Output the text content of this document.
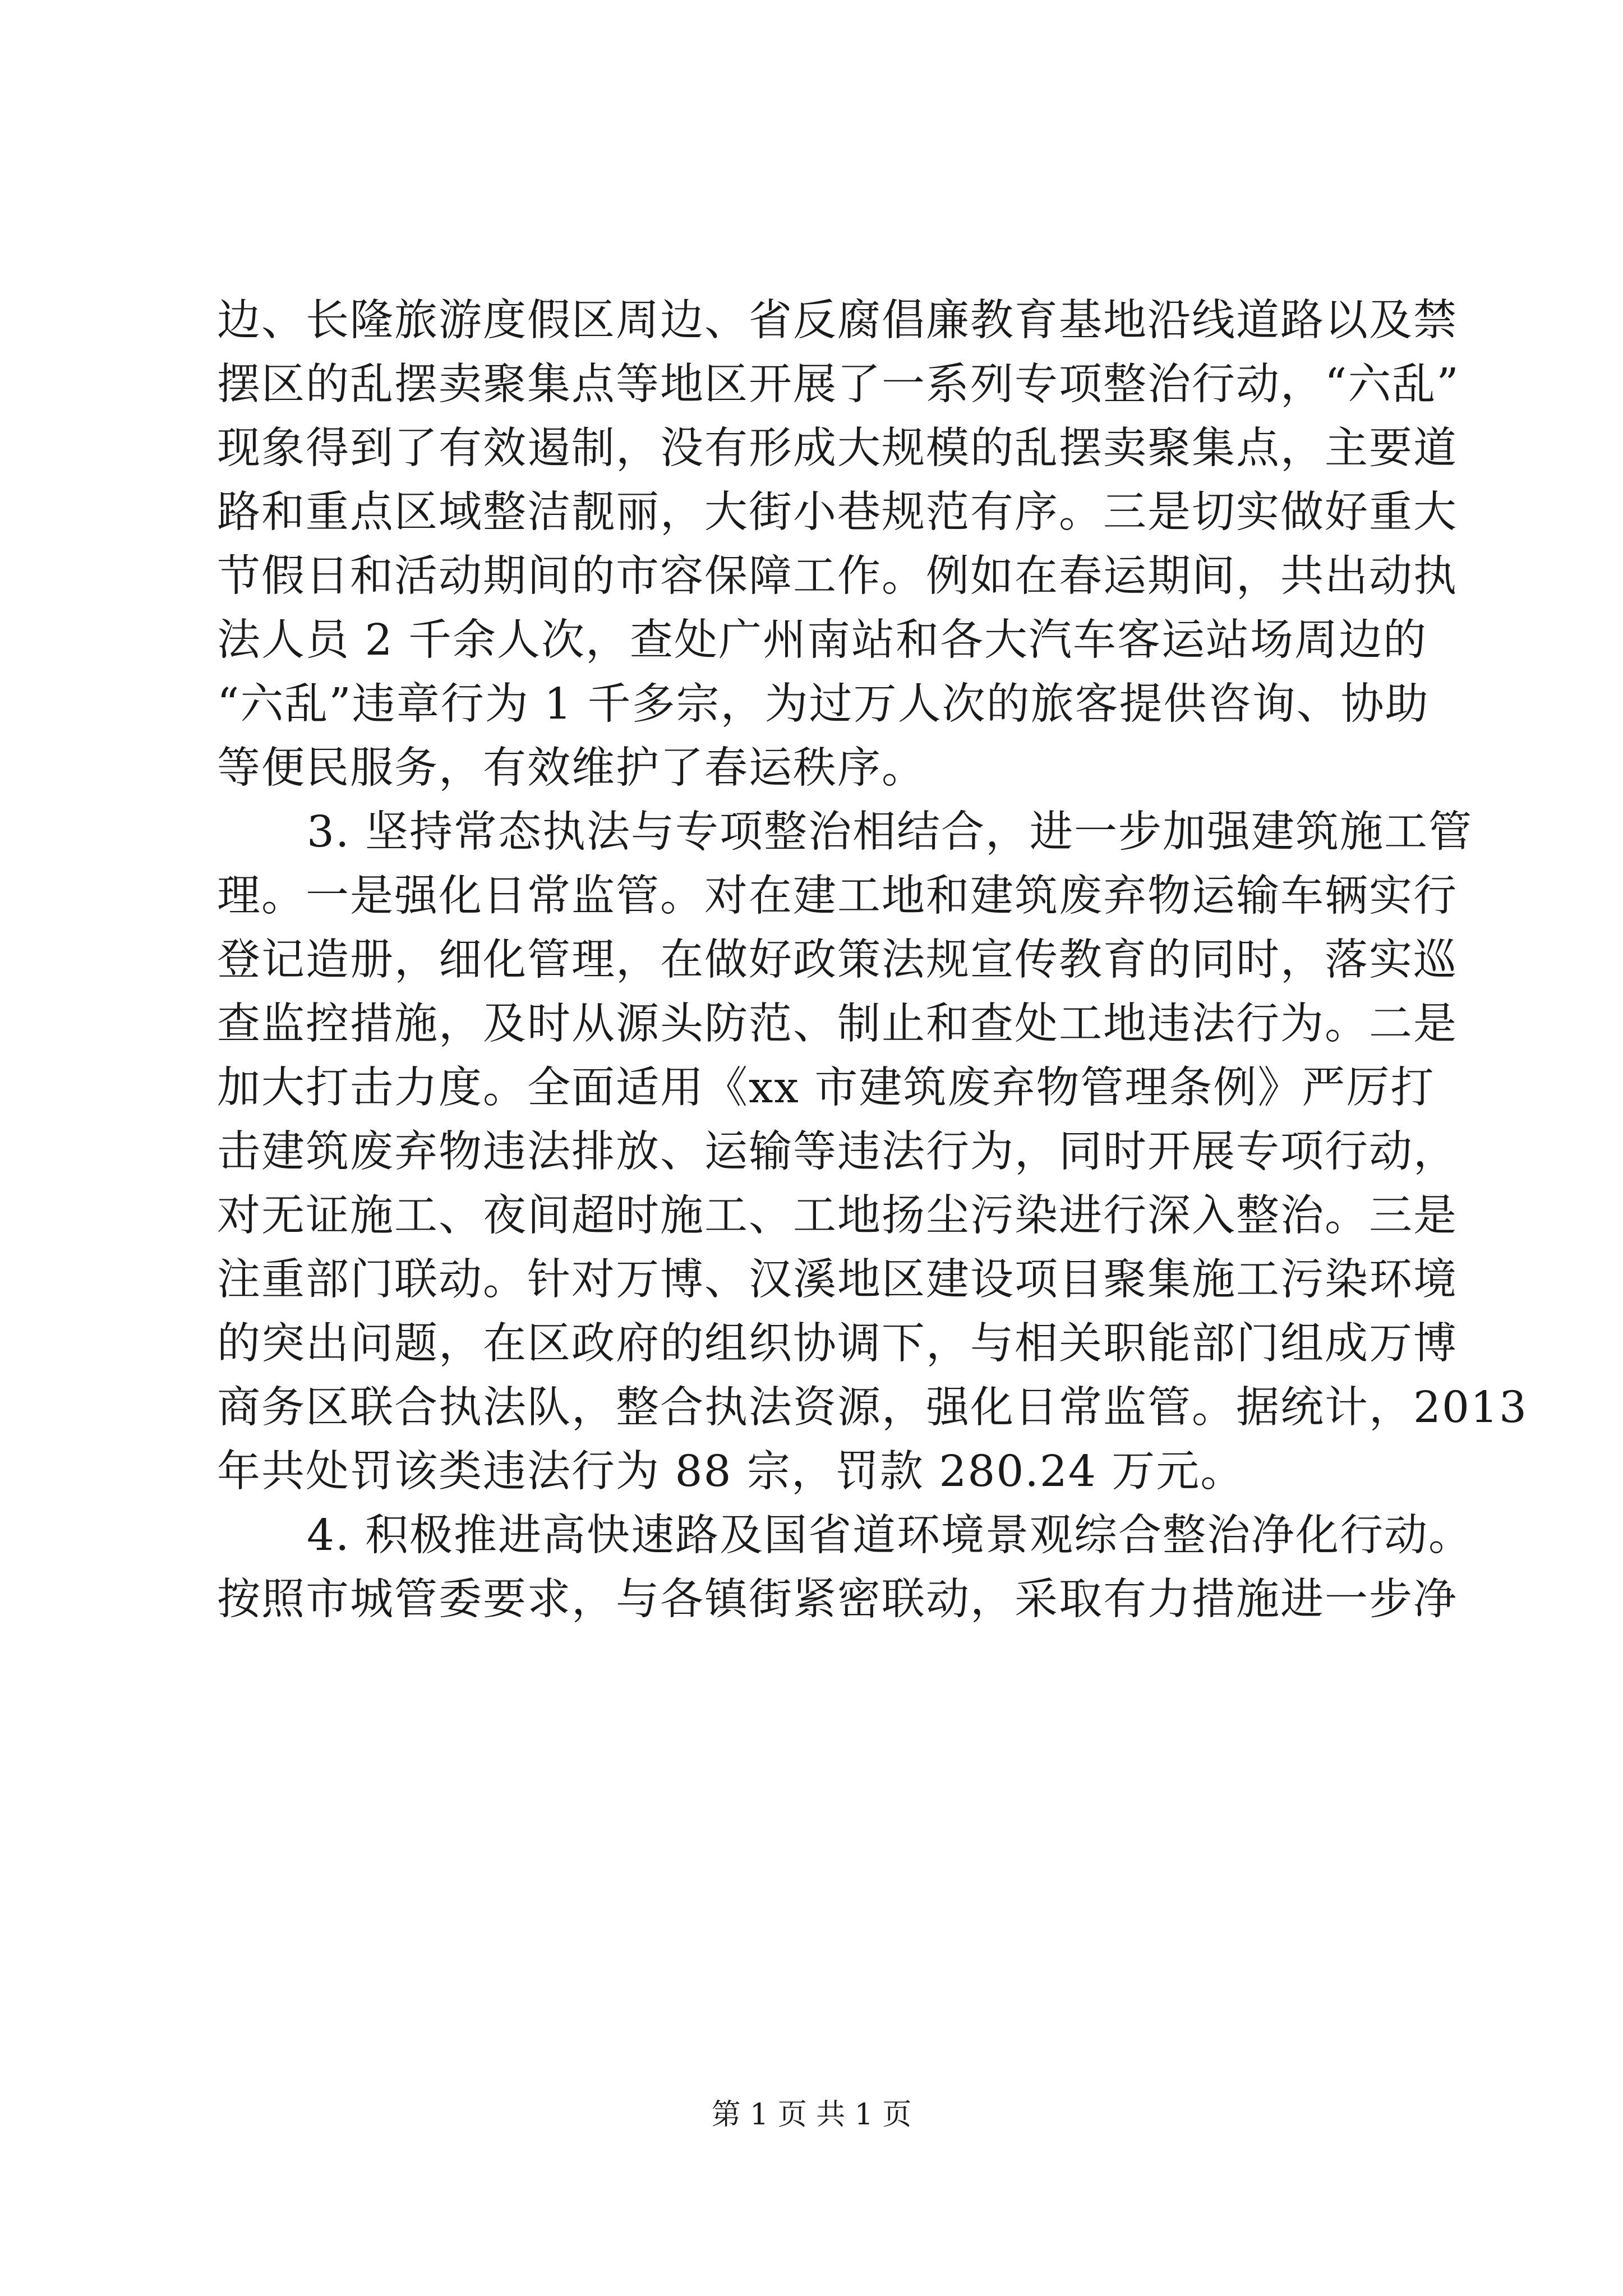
边、长隆旅游度假区周边、省反腐倡廉教育基地沿线道路以及禁
摆区的乱摆卖聚集点等地区开展了一系列专项整治行动，“六乱”
现象得到了有效遏制，没有形成大规模的乱摆卖聚集点，主要道
路和重点区域整洁靓丽，大街小巷规范有序。三是切实做好重大
节假日和活动期间的市容保障工作。例如在春运期间，共出动执
法人员 2 千余人次，查处广州南站和各大汽车客运站场周边的
“六乱”违章行为 1 千多宗，为过万人次的旅客提供咨询、协助
等便民服务，有效维护了春运秩序。
3. 坚持常态执法与专项整治相结合，进一步加强建筑施工管
理。一是强化日常监管。对在建工地和建筑废弃物运输车辆实行
登记造册，细化管理，在做好政策法规宣传教育的同时，落实巡
查监控措施，及时从源头防范、制止和查处工地违法行为。二是
加大打击力度。全面适用《xx 市建筑废弃物管理条例》严厉打
击建筑废弃物违法排放、运输等违法行为，同时开展专项行动，
对无证施工、夜间超时施工、工地扬尘污染进行深入整治。三是
注重部门联动。针对万博、汉溪地区建设项目聚集施工污染环境
的突出问题，在区政府的组织协调下，与相关职能部门组成万博
商务区联合执法队，整合执法资源，强化日常监管。据统计，2013
年共处罚该类违法行为 88 宗，罚款 280.24 万元。
4. 积极推进高快速路及国省道环境景观综合整治净化行动。
按照市城管委要求，与各镇街紧密联动，采取有力措施进一步净
第 1 页 共 1 页
